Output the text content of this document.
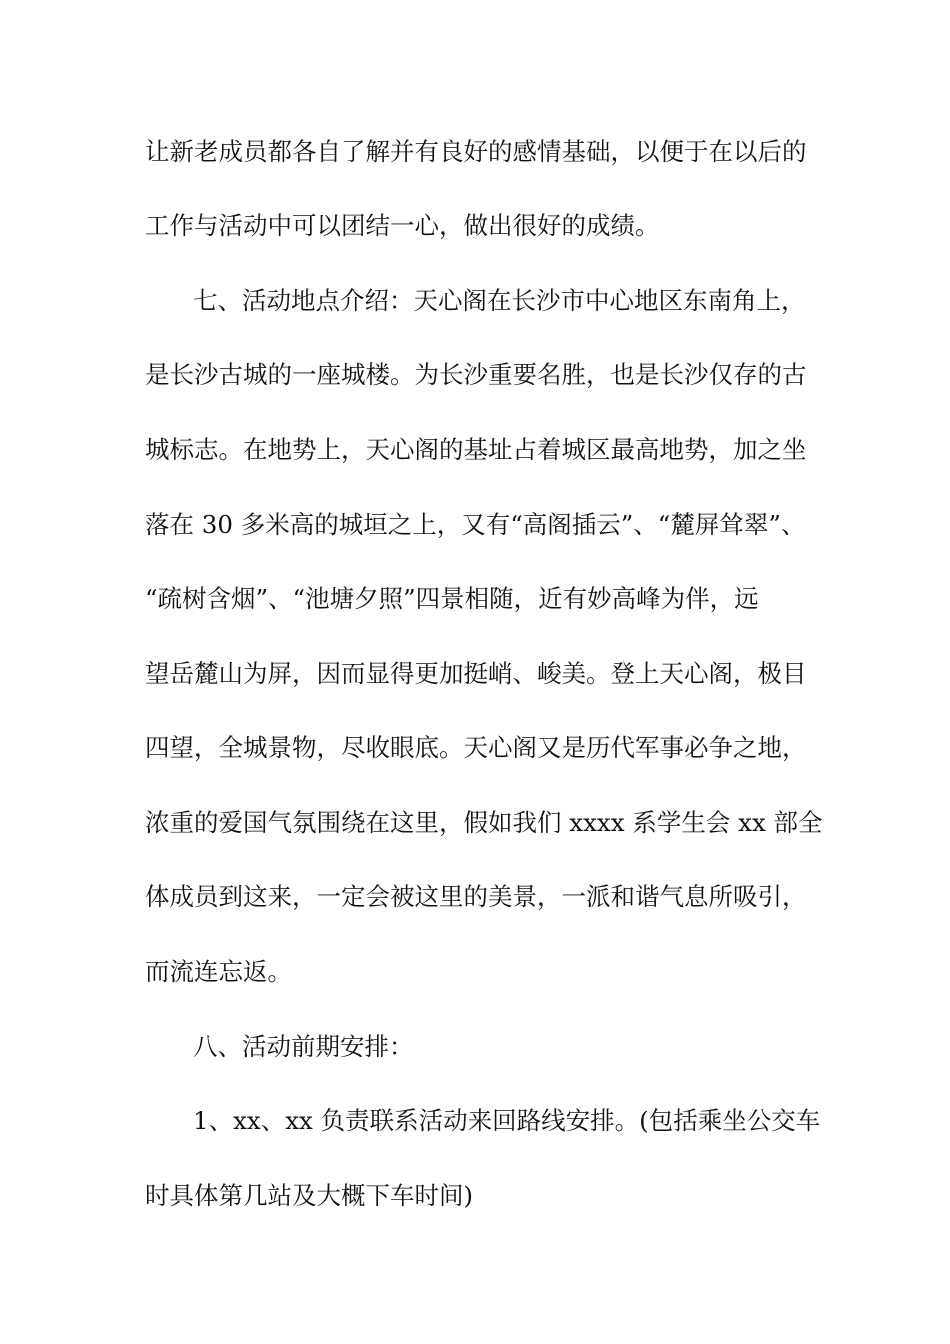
让新老成员都各自了解并有良好的感情基础，以便于在以后的
工作与活动中可以团结一心，做出很好的成绩。
七、活动地点介绍：天心阁在长沙市中心地区东南角上，
是长沙古城的一座城楼。为长沙重要名胜，也是长沙仅存的古
城标志。在地势上，天心阁的基址占着城区最高地势，加之坐
落在 30 多米高的城垣之上，又有“高阁插云”、“麓屏耸翠”、
“疏树含烟”、“池塘夕照”四景相随，近有妙高峰为伴，远
望岳麓山为屏，因而显得更加挺峭、峻美。登上天心阁，极目
四望，全城景物，尽收眼底。天心阁又是历代军事必争之地，
浓重的爱国气氛围绕在这里，假如我们 xxxx 系学生会 xx 部全
体成员到这来，一定会被这里的美景，一派和谐气息所吸引，
而流连忘返。
八、活动前期安排：
1、xx、xx 负责联系活动来回路线安排。(包括乘坐公交车
时具体第几站及大概下车时间)
